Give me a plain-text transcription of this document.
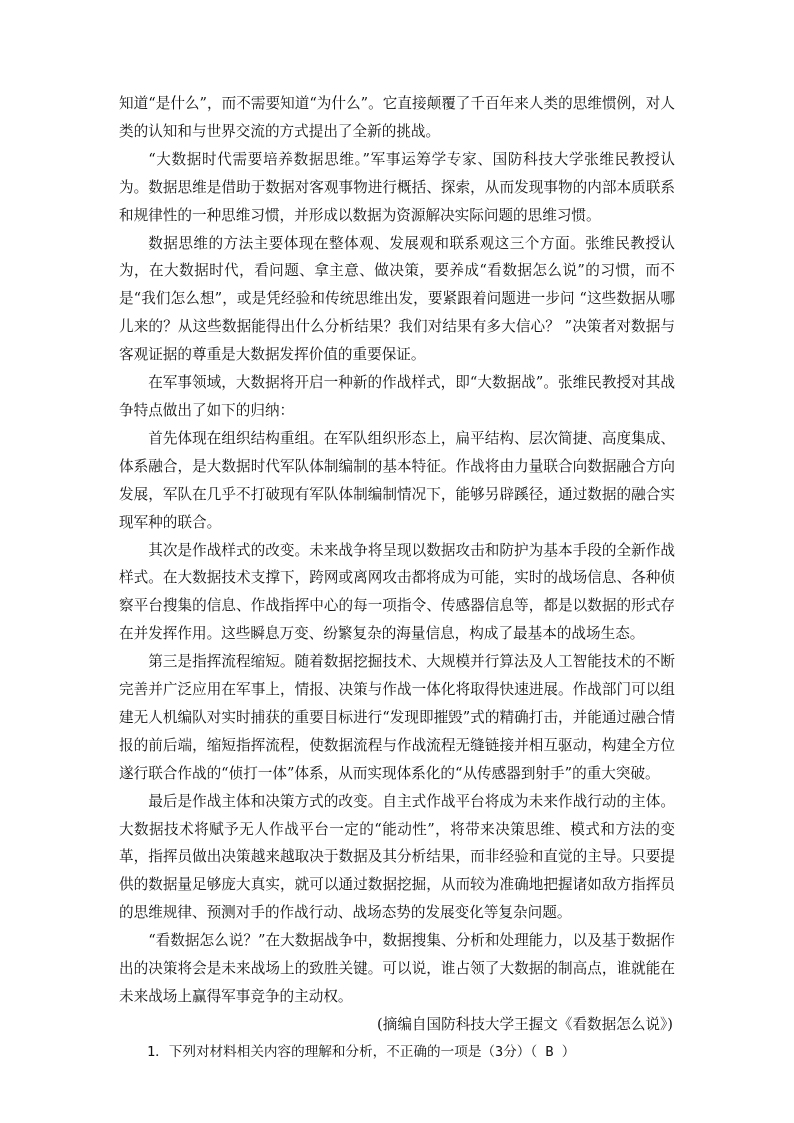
知道“是什么”，而不需要知道“为什么”。它直接颠覆了千百年来人类的思维惯例，对人类的认知和与世界交流的方式提出了全新的挑战。

“大数据时代需要培养数据思维。”军事运筹学专家、国防科技大学张维民教授认为。数据思维是借助于数据对客观事物进行概括、探索，从而发现事物的内部本质联系和规律性的一种思维习惯，并形成以数据为资源解决实际问题的思维习惯。

数据思维的方法主要体现在整体观、发展观和联系观这三个方面。张维民教授认为，在大数据时代，看问题、拿主意、做决策，要养成“看数据怎么说”的习惯，而不是“我们怎么想”，或是凭经验和传统思维出发，要紧跟着问题进一步问 “这些数据从哪儿来的？从这些数据能得出什么分析结果？我们对结果有多大信心？ ”决策者对数据与客观证据的尊重是大数据发挥价值的重要保证。

在军事领域，大数据将开启一种新的作战样式，即“大数据战”。张维民教授对其战争特点做出了如下的归纳：

首先体现在组织结构重组。在军队组织形态上，扁平结构、层次简捷、高度集成、体系融合，是大数据时代军队体制编制的基本特征。作战将由力量联合向数据融合方向发展，军队在几乎不打破现有军队体制编制情况下，能够另辟蹊径，通过数据的融合实现军种的联合。

其次是作战样式的改变。未来战争将呈现以数据攻击和防护为基本手段的全新作战样式。在大数据技术支撑下，跨网或离网攻击都将成为可能，实时的战场信息、各种侦察平台搜集的信息、作战指挥中心的每一项指令、传感器信息等，都是以数据的形式存在并发挥作用。这些瞬息万变、纷繁复杂的海量信息，构成了最基本的战场生态。

第三是指挥流程缩短。随着数据挖掘技术、大规模并行算法及人工智能技术的不断完善并广泛应用在军事上，情报、决策与作战一体化将取得快速进展。作战部门可以组建无人机编队对实时捕获的重要目标进行“发现即摧毁”式的精确打击，并能通过融合情报的前后端，缩短指挥流程，使数据流程与作战流程无缝链接并相互驱动，构建全方位遂行联合作战的“侦打一体”体系，从而实现体系化的“从传感器到射手”的重大突破。

最后是作战主体和决策方式的改变。自主式作战平台将成为未来作战行动的主体。大数据技术将赋予无人作战平台一定的“能动性”，将带来决策思维、模式和方法的变革，指挥员做出决策越来越取决于数据及其分析结果，而非经验和直觉的主导。只要提供的数据量足够庞大真实，就可以通过数据挖掘，从而较为准确地把握诸如敌方指挥员的思维规律、预测对手的作战行动、战场态势的发展变化等复杂问题。

“看数据怎么说？”在大数据战争中，数据搜集、分析和处理能力，以及基于数据作出的决策将会是未来战场上的致胜关键。可以说，谁占领了大数据的制高点，谁就能在未来战场上赢得军事竞争的主动权。

(摘编自国防科技大学王握文《看数据怎么说》)

1．下列对材料相关内容的理解和分析，不正确的一项是（3分）（ B ）
